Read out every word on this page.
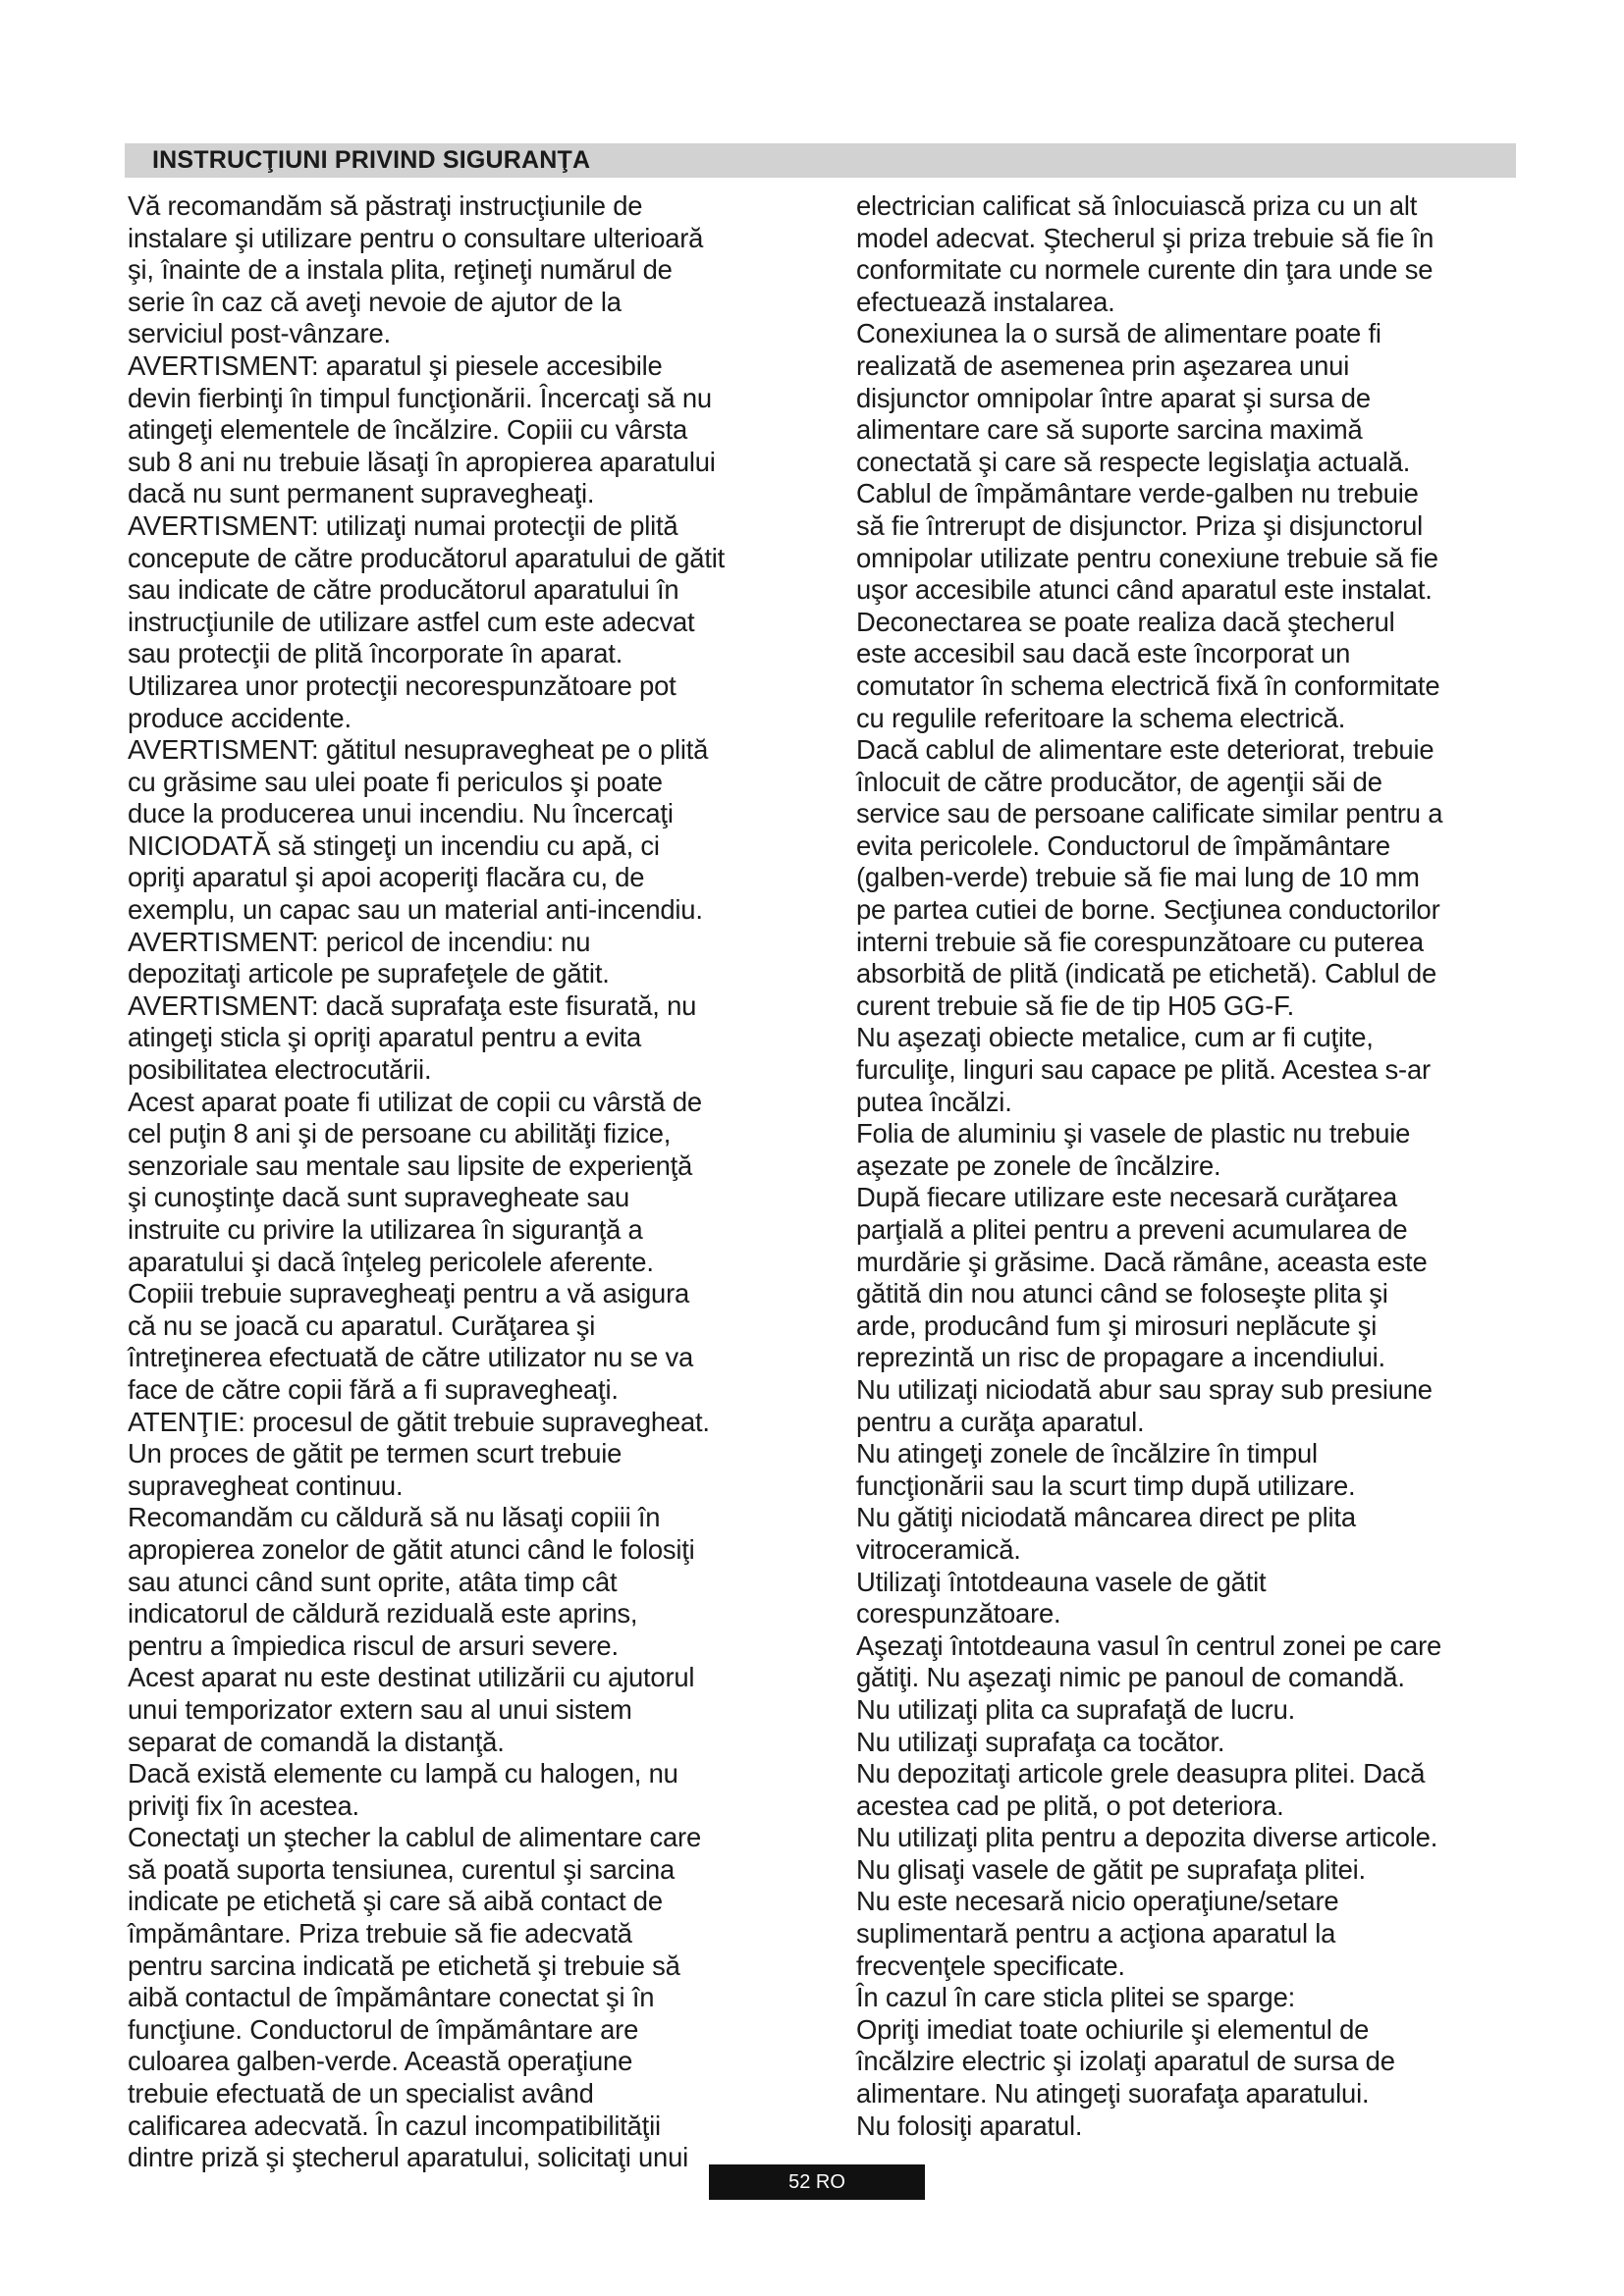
INSTRUCŢIUNI PRIVIND SIGURANŢA
Vă recomandăm să păstraţi instrucţiunile de
instalare şi utilizare pentru o consultare ulterioară
şi, înainte de a instala plita, reţineţi numărul de
serie în caz că aveţi nevoie de ajutor de la
serviciul post-vânzare.
AVERTISMENT: aparatul şi piesele accesibile
devin fierbinţi în timpul funcţionării. Încercaţi să nu
atingeţi elementele de încălzire. Copiii cu vârsta
sub 8 ani nu trebuie lăsaţi în apropierea aparatului
dacă nu sunt permanent supravegheaţi.
AVERTISMENT: utilizaţi numai protecţii de plită
concepute de către producătorul aparatului de gătit
sau indicate de către producătorul aparatului în
instrucţiunile de utilizare astfel cum este adecvat
sau protecţii de plită încorporate în aparat.
Utilizarea unor protecţii necorespunzătoare pot
produce accidente.
AVERTISMENT: gătitul nesupravegheat pe o plită
cu grăsime sau ulei poate fi periculos şi poate
duce la producerea unui incendiu. Nu încercaţi
NICIODATĂ să stingeţi un incendiu cu apă, ci
opriţi aparatul şi apoi acoperiţi flacăra cu, de
exemplu, un capac sau un material anti-incendiu.
AVERTISMENT: pericol de incendiu: nu
depozitaţi articole pe suprafeţele de gătit.
AVERTISMENT: dacă suprafaţa este fisurată, nu
atingeţi sticla şi opriţi aparatul pentru a evita
posibilitatea electrocutării.
Acest aparat poate fi utilizat de copii cu vârstă de
cel puţin 8 ani şi de persoane cu abilităţi fizice,
senzoriale sau mentale sau lipsite de experienţă
şi cunoştinţe dacă sunt supravegheate sau
instruite cu privire la utilizarea în siguranţă a
aparatului şi dacă înţeleg pericolele aferente.
Copiii trebuie supravegheaţi pentru a vă asigura
că nu se joacă cu aparatul. Curăţarea şi
întreţinerea efectuată de către utilizator nu se va
face de către copii fără a fi supravegheaţi.
ATENŢIE: procesul de gătit trebuie supravegheat.
Un proces de gătit pe termen scurt trebuie
supravegheat continuu.
Recomandăm cu căldură să nu lăsaţi copiii în
apropierea zonelor de gătit atunci când le folosiţi
sau atunci când sunt oprite, atâta timp cât
indicatorul de căldură reziduală este aprins,
pentru a împiedica riscul de arsuri severe.
Acest aparat nu este destinat utilizării cu ajutorul
unui temporizator extern sau al unui sistem
separat de comandă la distanţă.
Dacă există elemente cu lampă cu halogen, nu
priviţi fix în acestea.
Conectaţi un ştecher la cablul de alimentare care
să poată suporta tensiunea, curentul şi sarcina
indicate pe etichetă şi care să aibă contact de
împământare. Priza trebuie să fie adecvată
pentru sarcina indicată pe etichetă şi trebuie să
aibă contactul de împământare conectat şi în
funcţiune. Conductorul de împământare are
culoarea galben-verde. Această operaţiune
trebuie efectuată de un specialist având
calificarea adecvată. În cazul incompatibilităţii
dintre priză şi ştecherul aparatului, solicitaţi unui
electrician calificat să înlocuiască priza cu un alt
model adecvat. Ştecherul şi priza trebuie să fie în
conformitate cu normele curente din ţara unde se
efectuează instalarea.
Conexiunea la o sursă de alimentare poate fi
realizată de asemenea prin aşezarea unui
disjunctor omnipolar între aparat şi sursa de
alimentare care să suporte sarcina maximă
conectată şi care să respecte legislaţia actuală.
Cablul de împământare verde-galben nu trebuie
să fie întrerupt de disjunctor. Priza şi disjunctorul
omnipolar utilizate pentru conexiune trebuie să fie
uşor accesibile atunci când aparatul este instalat.
Deconectarea se poate realiza dacă ştecherul
este accesibil sau dacă este încorporat un
comutator în schema electrică fixă în conformitate
cu regulile referitoare la schema electrică.
Dacă cablul de alimentare este deteriorat, trebuie
înlocuit de către producător, de agenţii săi de
service sau de persoane calificate similar pentru a
evita pericolele. Conductorul de împământare
(galben-verde) trebuie să fie mai lung de 10 mm
pe partea cutiei de borne. Secţiunea conductorilor
interni trebuie să fie corespunzătoare cu puterea
absorbită de plită (indicată pe etichetă). Cablul de
curent trebuie să fie de tip H05 GG-F.
Nu aşezaţi obiecte metalice, cum ar fi cuţite,
furculiţe, linguri sau capace pe plită. Acestea s-ar
putea încălzi.
Folia de aluminiu şi vasele de plastic nu trebuie
aşezate pe zonele de încălzire.
După fiecare utilizare este necesară curăţarea
parţială a plitei pentru a preveni acumularea de
murdărie şi grăsime. Dacă rămâne, aceasta este
gătită din nou atunci când se foloseşte plita şi
arde, producând fum şi mirosuri neplăcute şi
reprezintă un risc de propagare a incendiului.
Nu utilizaţi niciodată abur sau spray sub presiune
pentru a curăţa aparatul.
Nu atingeţi zonele de încălzire în timpul
funcţionării sau la scurt timp după utilizare.
Nu gătiţi niciodată mâncarea direct pe plita
vitroceramică.
Utilizaţi întotdeauna vasele de gătit
corespunzătoare.
Aşezaţi întotdeauna vasul în centrul zonei pe care
gătiţi. Nu aşezaţi nimic pe panoul de comandă.
Nu utilizaţi plita ca suprafaţă de lucru.
Nu utilizaţi suprafaţa ca tocător.
Nu depozitaţi articole grele deasupra plitei. Dacă
acestea cad pe plită, o pot deteriora.
Nu utilizaţi plita pentru a depozita diverse articole.
Nu glisaţi vasele de gătit pe suprafaţa plitei.
Nu este necesară nicio operaţiune/setare
suplimentară pentru a acţiona aparatul la
frecvenţele specificate.
În cazul în care sticla plitei se sparge:
Opriţi imediat toate ochiurile şi elementul de
încălzire electric şi izolaţi aparatul de sursa de
alimentare. Nu atingeţi suorafaţa aparatului.
Nu folosiţi aparatul.
52 RO
